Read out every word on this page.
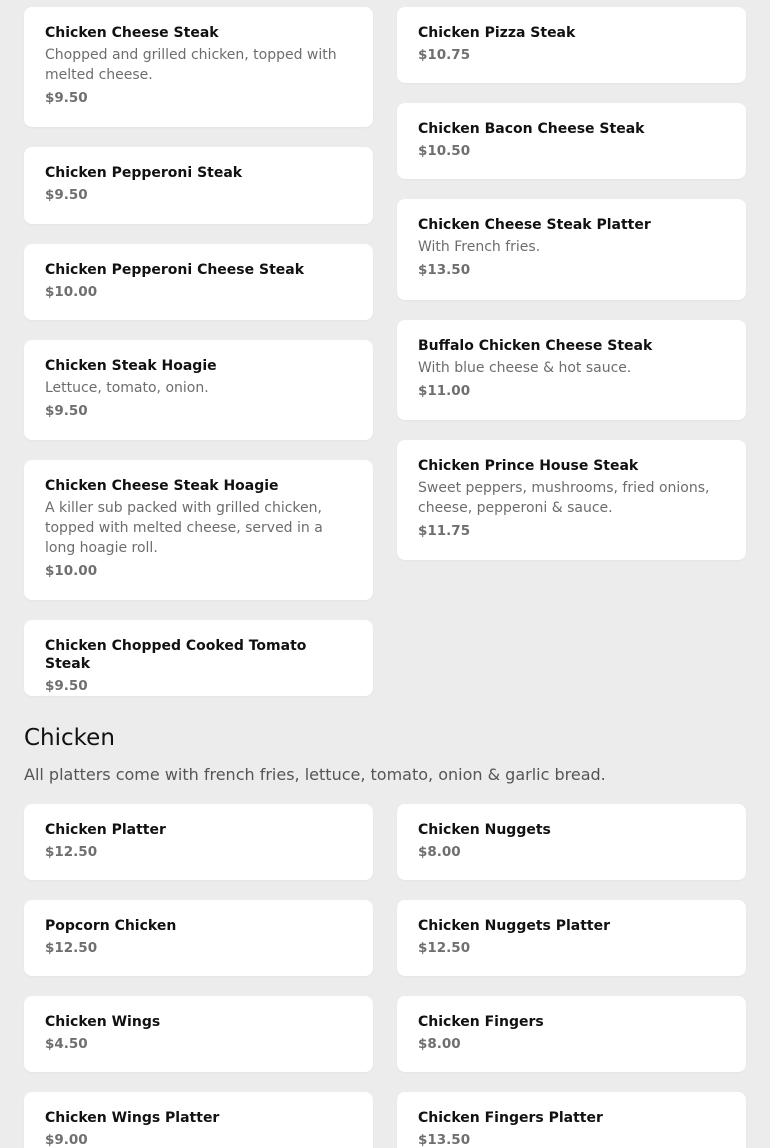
Chicken Cheese Steak
Chopped and grilled chicken, topped with melted cheese.
$9.50
Chicken Pepperoni Steak
$9.50
Chicken Pepperoni Cheese Steak
$10.00
Chicken Steak Hoagie
Lettuce, tomato, onion.
$9.50
Chicken Cheese Steak Hoagie
A killer sub packed with grilled chicken, topped with melted cheese, served in a long hoagie roll.
$10.00
Chicken Chopped Cooked Tomato Steak
$9.50
Chicken Pizza Steak
$10.75
Chicken Bacon Cheese Steak
$10.50
Chicken Cheese Steak Platter
With French fries.
$13.50
Buffalo Chicken Cheese Steak
With blue cheese & hot sauce.
$11.00
Chicken Prince House Steak
Sweet peppers, mushrooms, fried onions, cheese, pepperoni & sauce.
$11.75
Chicken

All platters come with french fries, lettuce, tomato, onion & garlic bread.

Chicken Platter
$12.50
Popcorn Chicken
$12.50
Chicken Wings
$4.50
Chicken Wings Platter
$9.00
Chicken Nuggets
$8.00
Chicken Nuggets Platter
$12.50
Chicken Fingers
$8.00
Chicken Fingers Platter
$13.50
